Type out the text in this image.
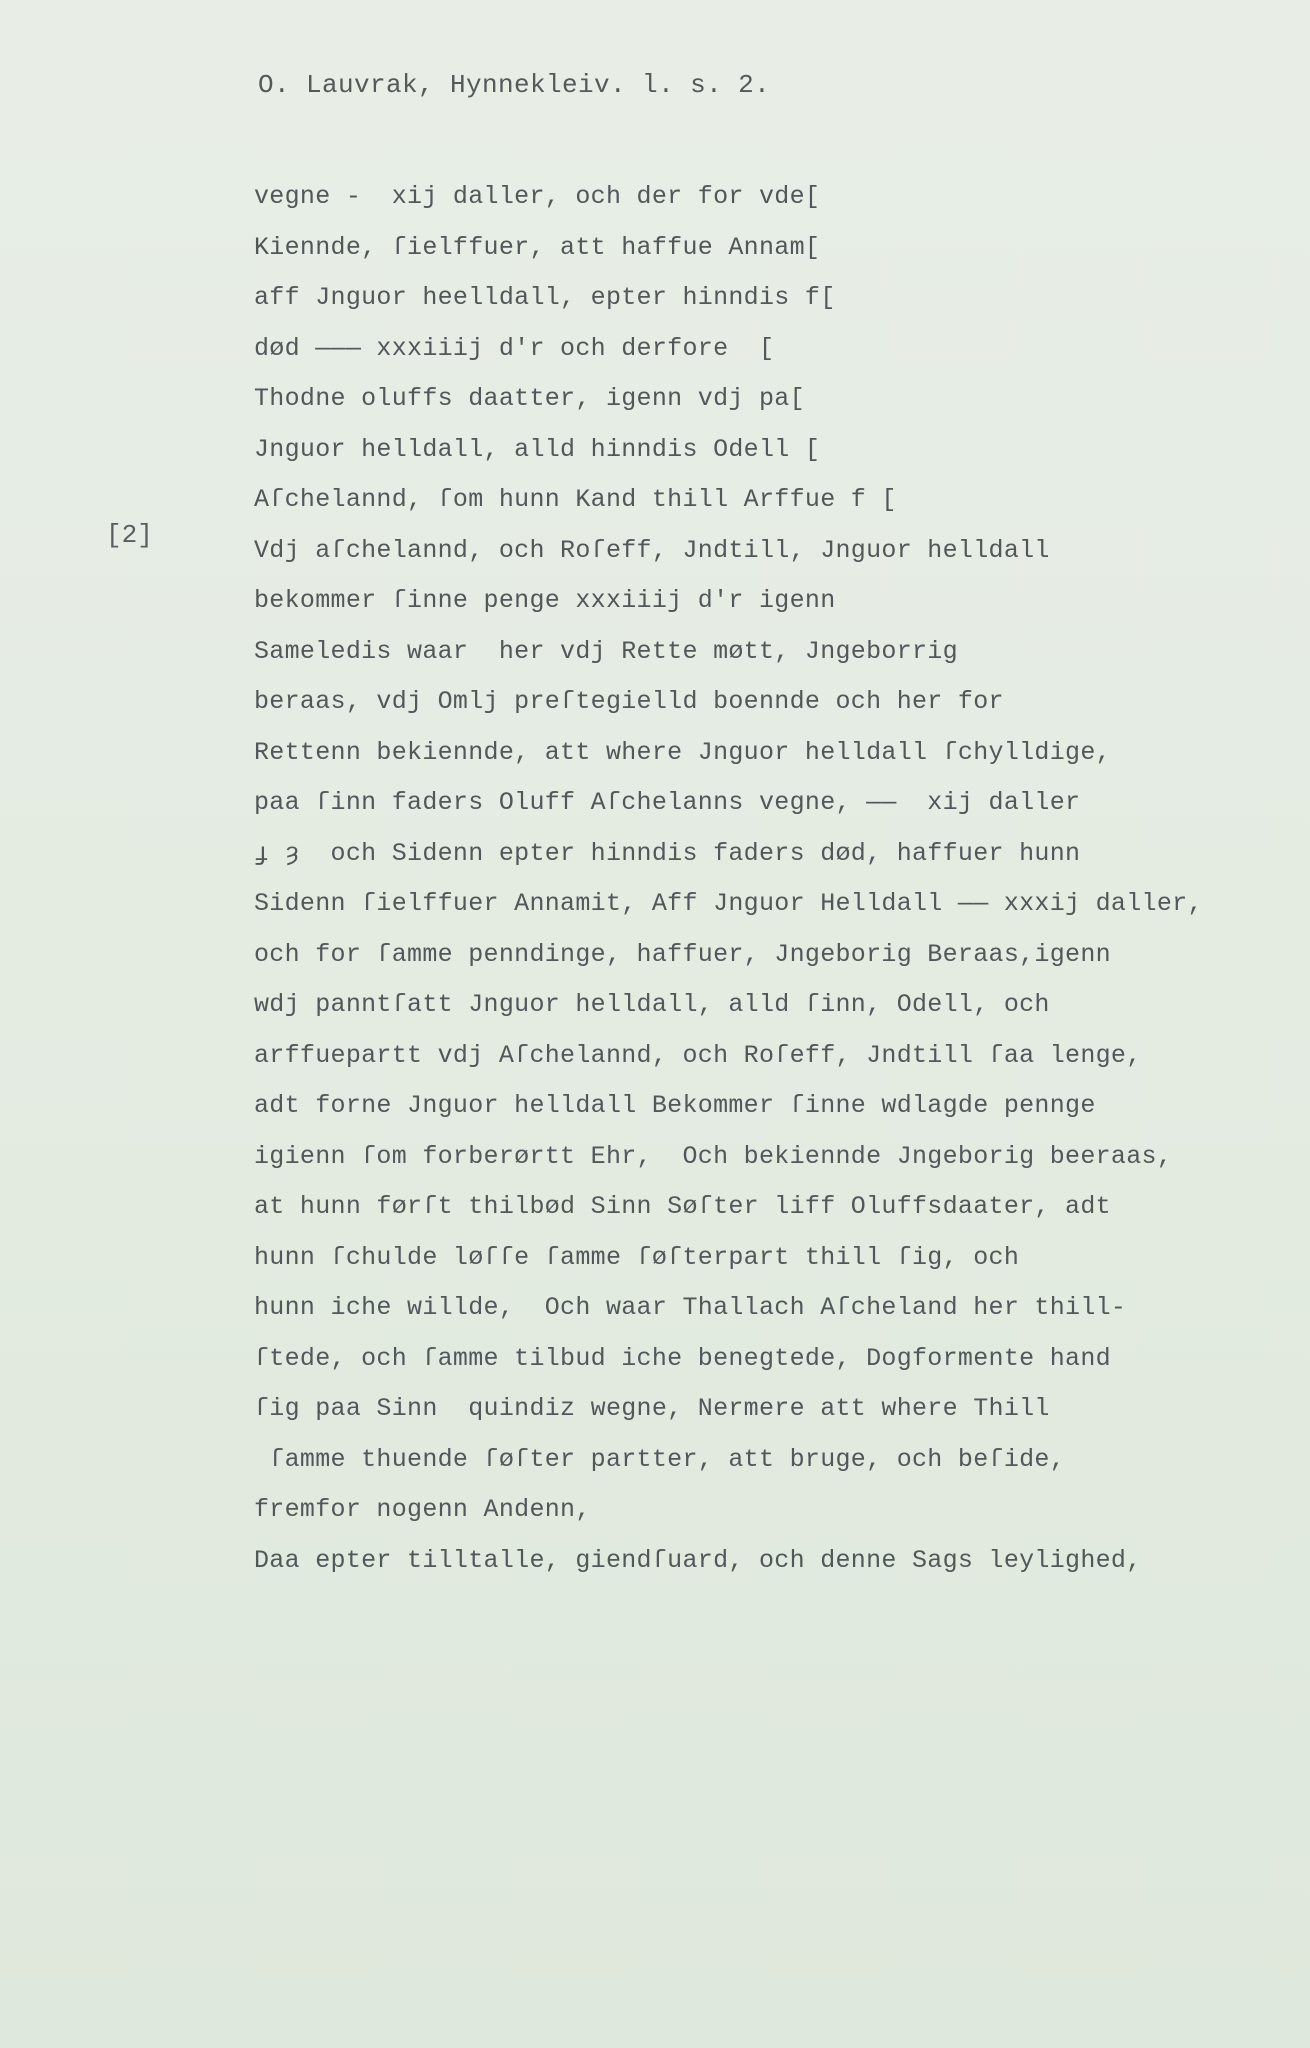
O. Lauvrak, Hynnekleiv. l. s. 2.
[2]
vegne -  xij daller, och der for vde[
Kiennde, ſielffuer, att haffue Annam[
aff Jnguor heelldall, epter hinndis f[
død ——— xxxiiij d'r och derfore  [
Thodne oluffs daatter, igenn vdj pa[
Jnguor helldall, alld hinndis Odell [
Aſchelannd, ſom hunn Kand thill Arffue f [
Vdj aſchelannd, och Roſeff, Jndtill, Jnguor helldall
bekommer ſinne penge xxxiiij d'r igenn
Sameledis waar  her vdj Rette møtt, Jngeborrig
beraas, vdj Omlj preſtegielld boennde och her for
Rettenn bekiennde, att where Jnguor helldall ſchylldige,
paa ſinn faders Oluff Aſchelanns vegne, ——  xij daller
ɟ ȝ  och Sidenn epter hinndis faders død, haffuer hunn
Sidenn ſielffuer Annamit, Aff Jnguor Helldall —— xxxij daller,
och for ſamme penndinge, haffuer, Jngeborig Beraas,igenn
wdj panntſatt Jnguor helldall, alld ſinn, Odell, och
arffuepartt vdj Aſchelannd, och Roſeff, Jndtill ſaa lenge,
adt forne Jnguor helldall Bekommer ſinne wdlagde penngе
igienn ſom forberørtt Ehr,  Och bekiennde Jngeborig beeraas,
at hunn førſt thilbød Sinn Søſter liff Oluffsdaater, adt
hunn ſchulde løſſe ſamme ſøſterpart thill ſig, och
hunn iche willde,  Och waar Thallach Aſcheland her thill-
ſtede, och ſamme tilbud iche benegtede, Dogformente hand
ſig paa Sinn  quindiz wegne, Nermere att where Thill
ſamme thuende ſøſter partter, att bruge, och beſide,
fremfor nogenn Andenn,
Daa epter tilltalle, giendſuard, och denne Sags leylighed,
